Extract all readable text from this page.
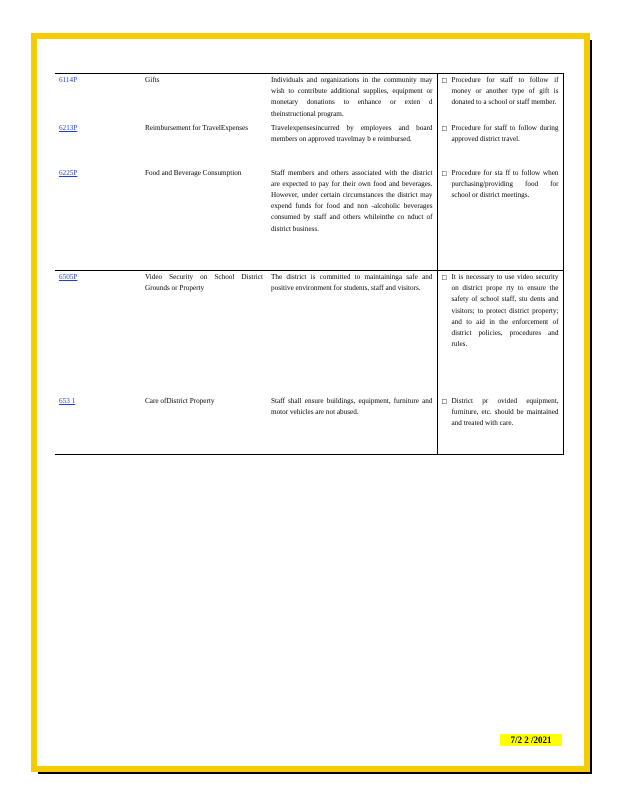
6114P	Gifts	Individuals and organizations in the community may wish to contribute additional supplies, equipment or monetary donations to enhance or exten d theinstructional program.	□ Procedure for staff to follow if money or another type of gift is donated to a school or staff member.

6213P	Reimbursement for TravelExpenses	Travelexpensesincurred by employees and board members on approved travelmay b e reimbursed.	□ Procedure for staff to follow during approved district travel.

6225P	Food and Beverage Consumption	Staff members and others associated with the district are expected to pay for their own food and beverages. However, under certain circumstances the district may expend funds for food and non -alcoholic beverages consumed by staff and others whileinthe co nduct of district business.	□ Procedure for sta ff to follow when purchasing/providing food for school or district meetings.

6505P	Video Security on School District Grounds or Property	The district is committed to maintaininga safe and positive environment for students, staff and visitors.	□ It is necessary to use video security on district prope rty to ensure the safety of school staff, stu dents and visitors; to protect district property; and to aid in the enforcement of district policies, procedures and rules.

653 1	Care ofDistrict Property	Staff shall ensure buildings, equipment, furniture and motor vehicles are not abused.	□ District pr ovided equipment, furniture, etc. should be maintained and treated with care.
7/2 2 /2021
